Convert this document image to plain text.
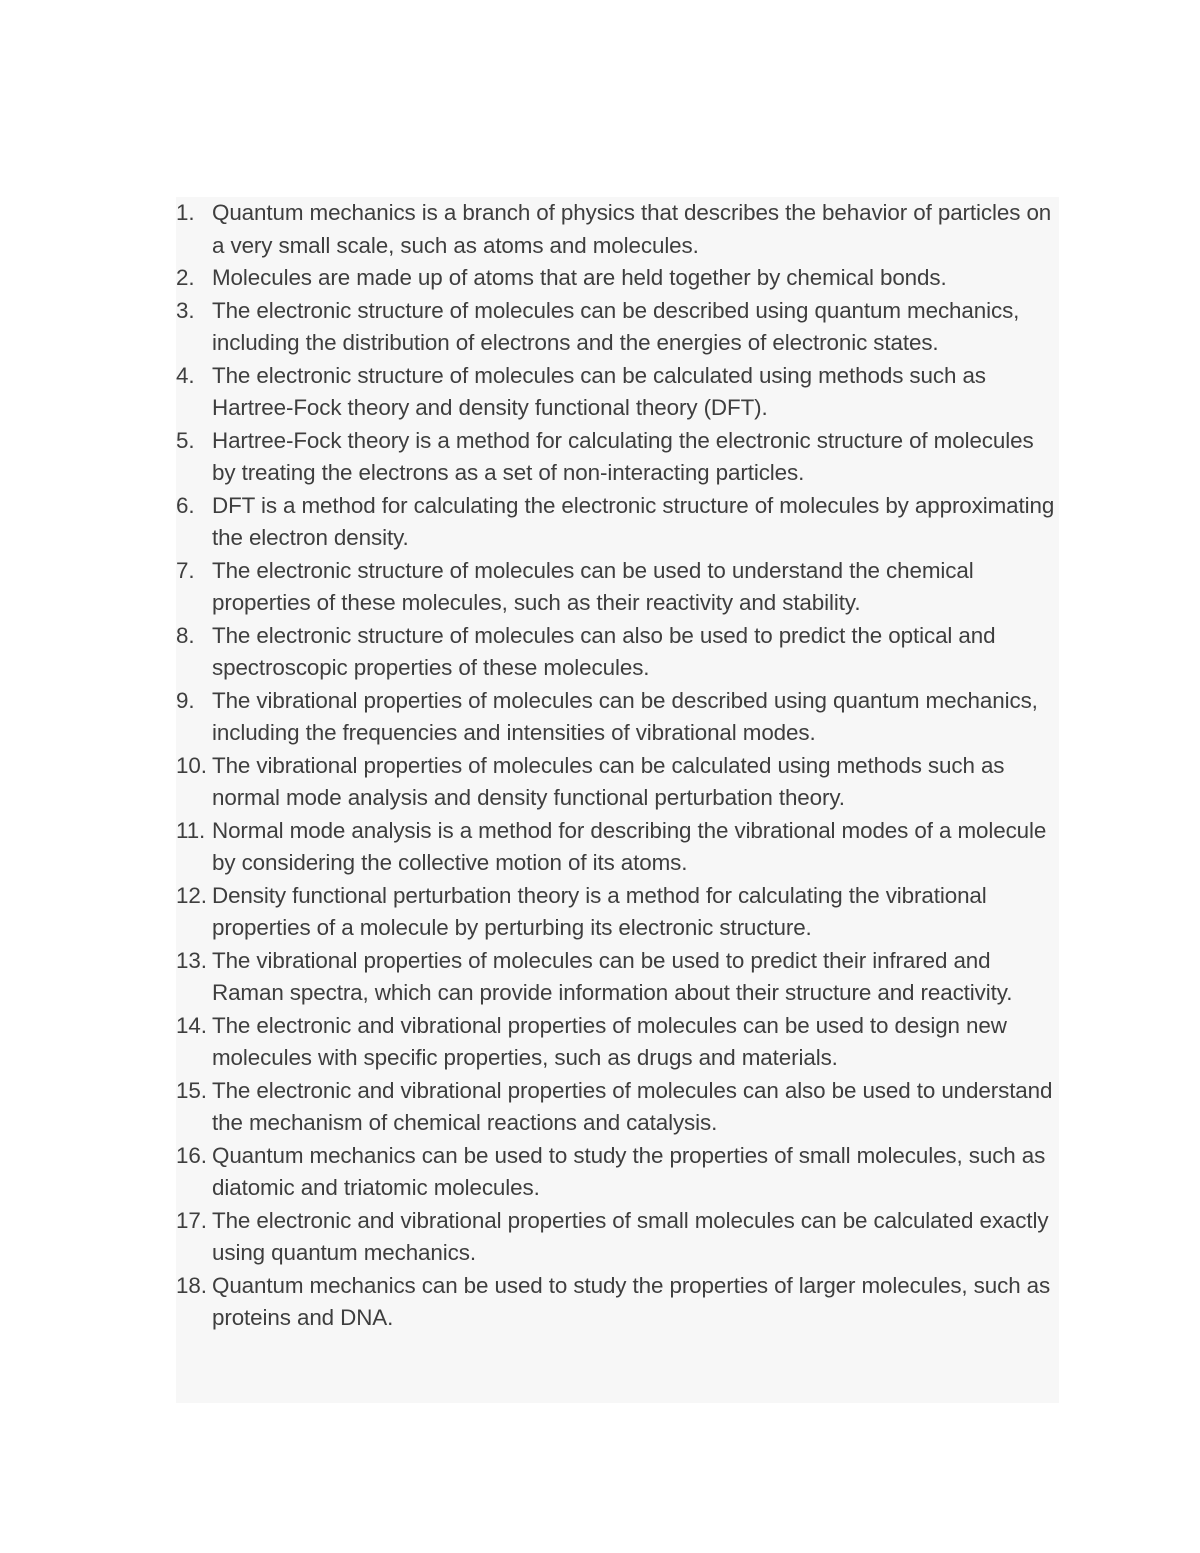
1. Quantum mechanics is a branch of physics that describes the behavior of particles on a very small scale, such as atoms and molecules.
2. Molecules are made up of atoms that are held together by chemical bonds.
3. The electronic structure of molecules can be described using quantum mechanics, including the distribution of electrons and the energies of electronic states.
4. The electronic structure of molecules can be calculated using methods such as Hartree-Fock theory and density functional theory (DFT).
5. Hartree-Fock theory is a method for calculating the electronic structure of molecules by treating the electrons as a set of non-interacting particles.
6. DFT is a method for calculating the electronic structure of molecules by approximating the electron density.
7. The electronic structure of molecules can be used to understand the chemical properties of these molecules, such as their reactivity and stability.
8. The electronic structure of molecules can also be used to predict the optical and spectroscopic properties of these molecules.
9. The vibrational properties of molecules can be described using quantum mechanics, including the frequencies and intensities of vibrational modes.
10. The vibrational properties of molecules can be calculated using methods such as normal mode analysis and density functional perturbation theory.
11. Normal mode analysis is a method for describing the vibrational modes of a molecule by considering the collective motion of its atoms.
12. Density functional perturbation theory is a method for calculating the vibrational properties of a molecule by perturbing its electronic structure.
13. The vibrational properties of molecules can be used to predict their infrared and Raman spectra, which can provide information about their structure and reactivity.
14. The electronic and vibrational properties of molecules can be used to design new molecules with specific properties, such as drugs and materials.
15. The electronic and vibrational properties of molecules can also be used to understand the mechanism of chemical reactions and catalysis.
16. Quantum mechanics can be used to study the properties of small molecules, such as diatomic and triatomic molecules.
17. The electronic and vibrational properties of small molecules can be calculated exactly using quantum mechanics.
18. Quantum mechanics can be used to study the properties of larger molecules, such as proteins and DNA.
